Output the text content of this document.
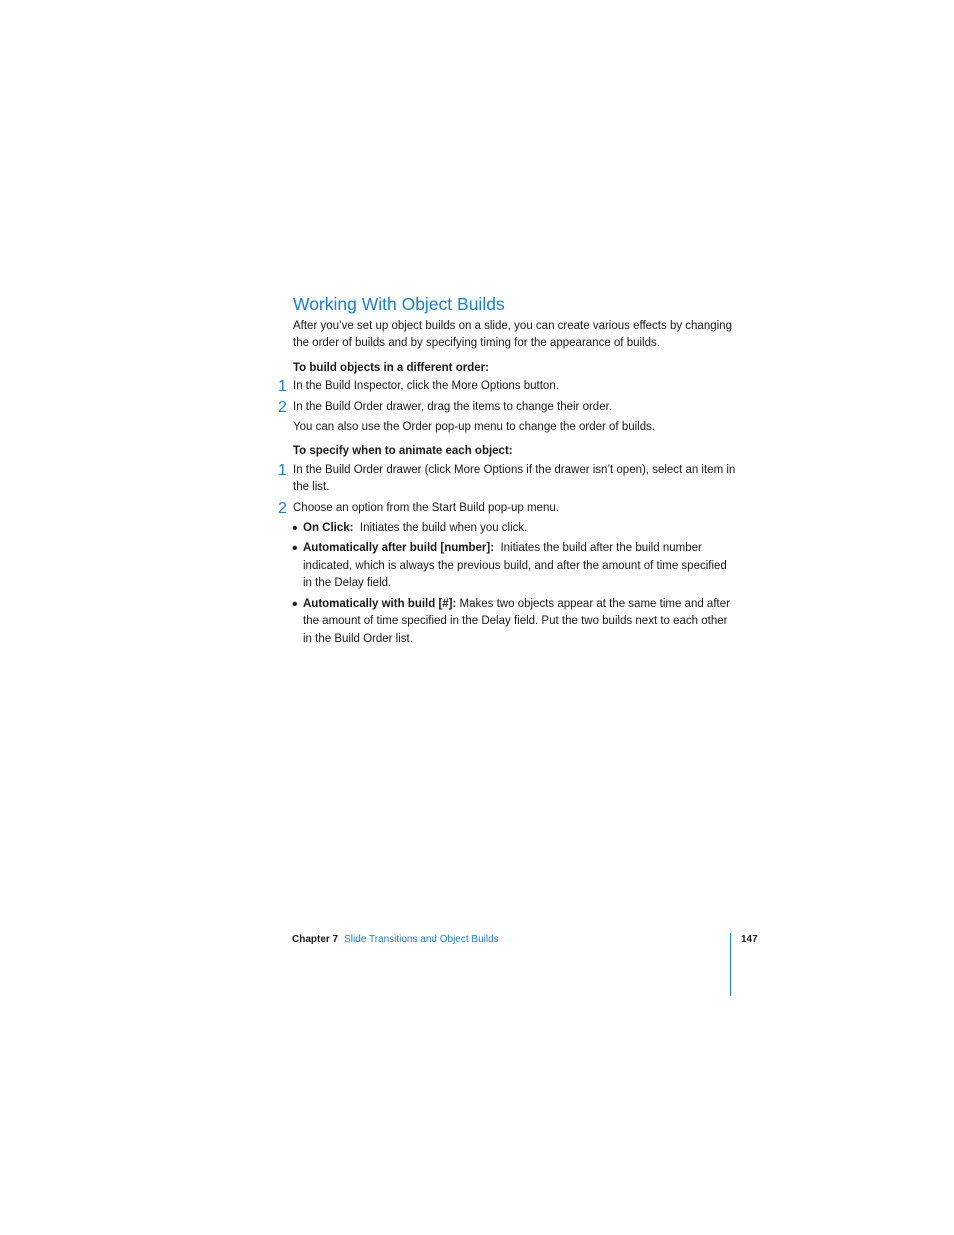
Working With Object Builds

After you’ve set up object builds on a slide, you can create various effects by changing the order of builds and by specifying timing for the appearance of builds.

To build objects in a different order:

1 In the Build Inspector, click the More Options button.

2 In the Build Order drawer, drag the items to change their order.

You can also use the Order pop-up menu to change the order of builds.

To specify when to animate each object:

1 In the Build Order drawer (click More Options if the drawer isn’t open), select an item in the list.

2 Choose an option from the Start Build pop-up menu.

• On Click: Initiates the build when you click.

• Automatically after build [number]: Initiates the build after the build number indicated, which is always the previous build, and after the amount of time specified in the Delay field.

• Automatically with build [#]: Makes two objects appear at the same time and after the amount of time specified in the Delay field. Put the two builds next to each other in the Build Order list.

Chapter 7 Slide Transitions and Object Builds	147
